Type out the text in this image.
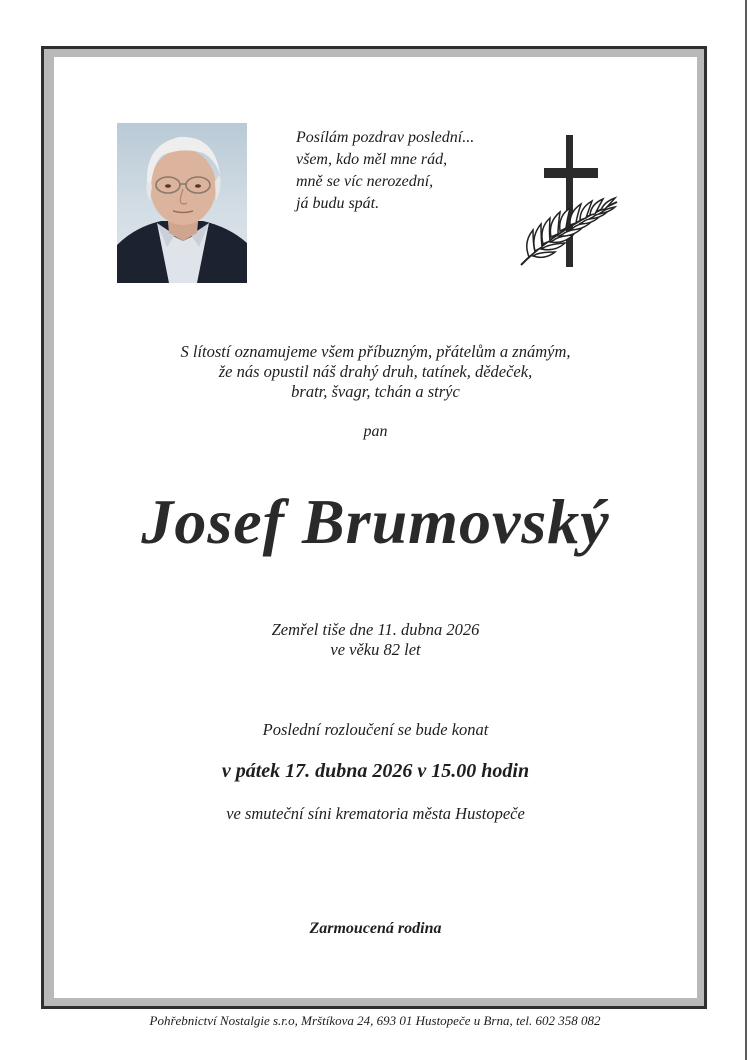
Posílám pozdrav poslední...
všem, kdo měl mne rád,
mně se víc nerozední,
já budu spát.
S lítostí oznamujeme všem příbuzným, přátelům a známým,
že nás opustil náš drahý druh, tatínek, dědeček,
bratr, švagr, tchán a strýc
pan
Josef Brumovský
Zemřel tiše dne 11. dubna 2026
ve věku 82 let
Poslední rozloučení se bude konat
v pátek 17. dubna 2026 v 15.00 hodin
ve smuteční síni krematoria města Hustopeče
Zarmoucená rodina
Pohřebnictví Nostalgie s.r.o, Mrštíkova 24, 693 01 Hustopeče u Brna, tel. 602 358 082
